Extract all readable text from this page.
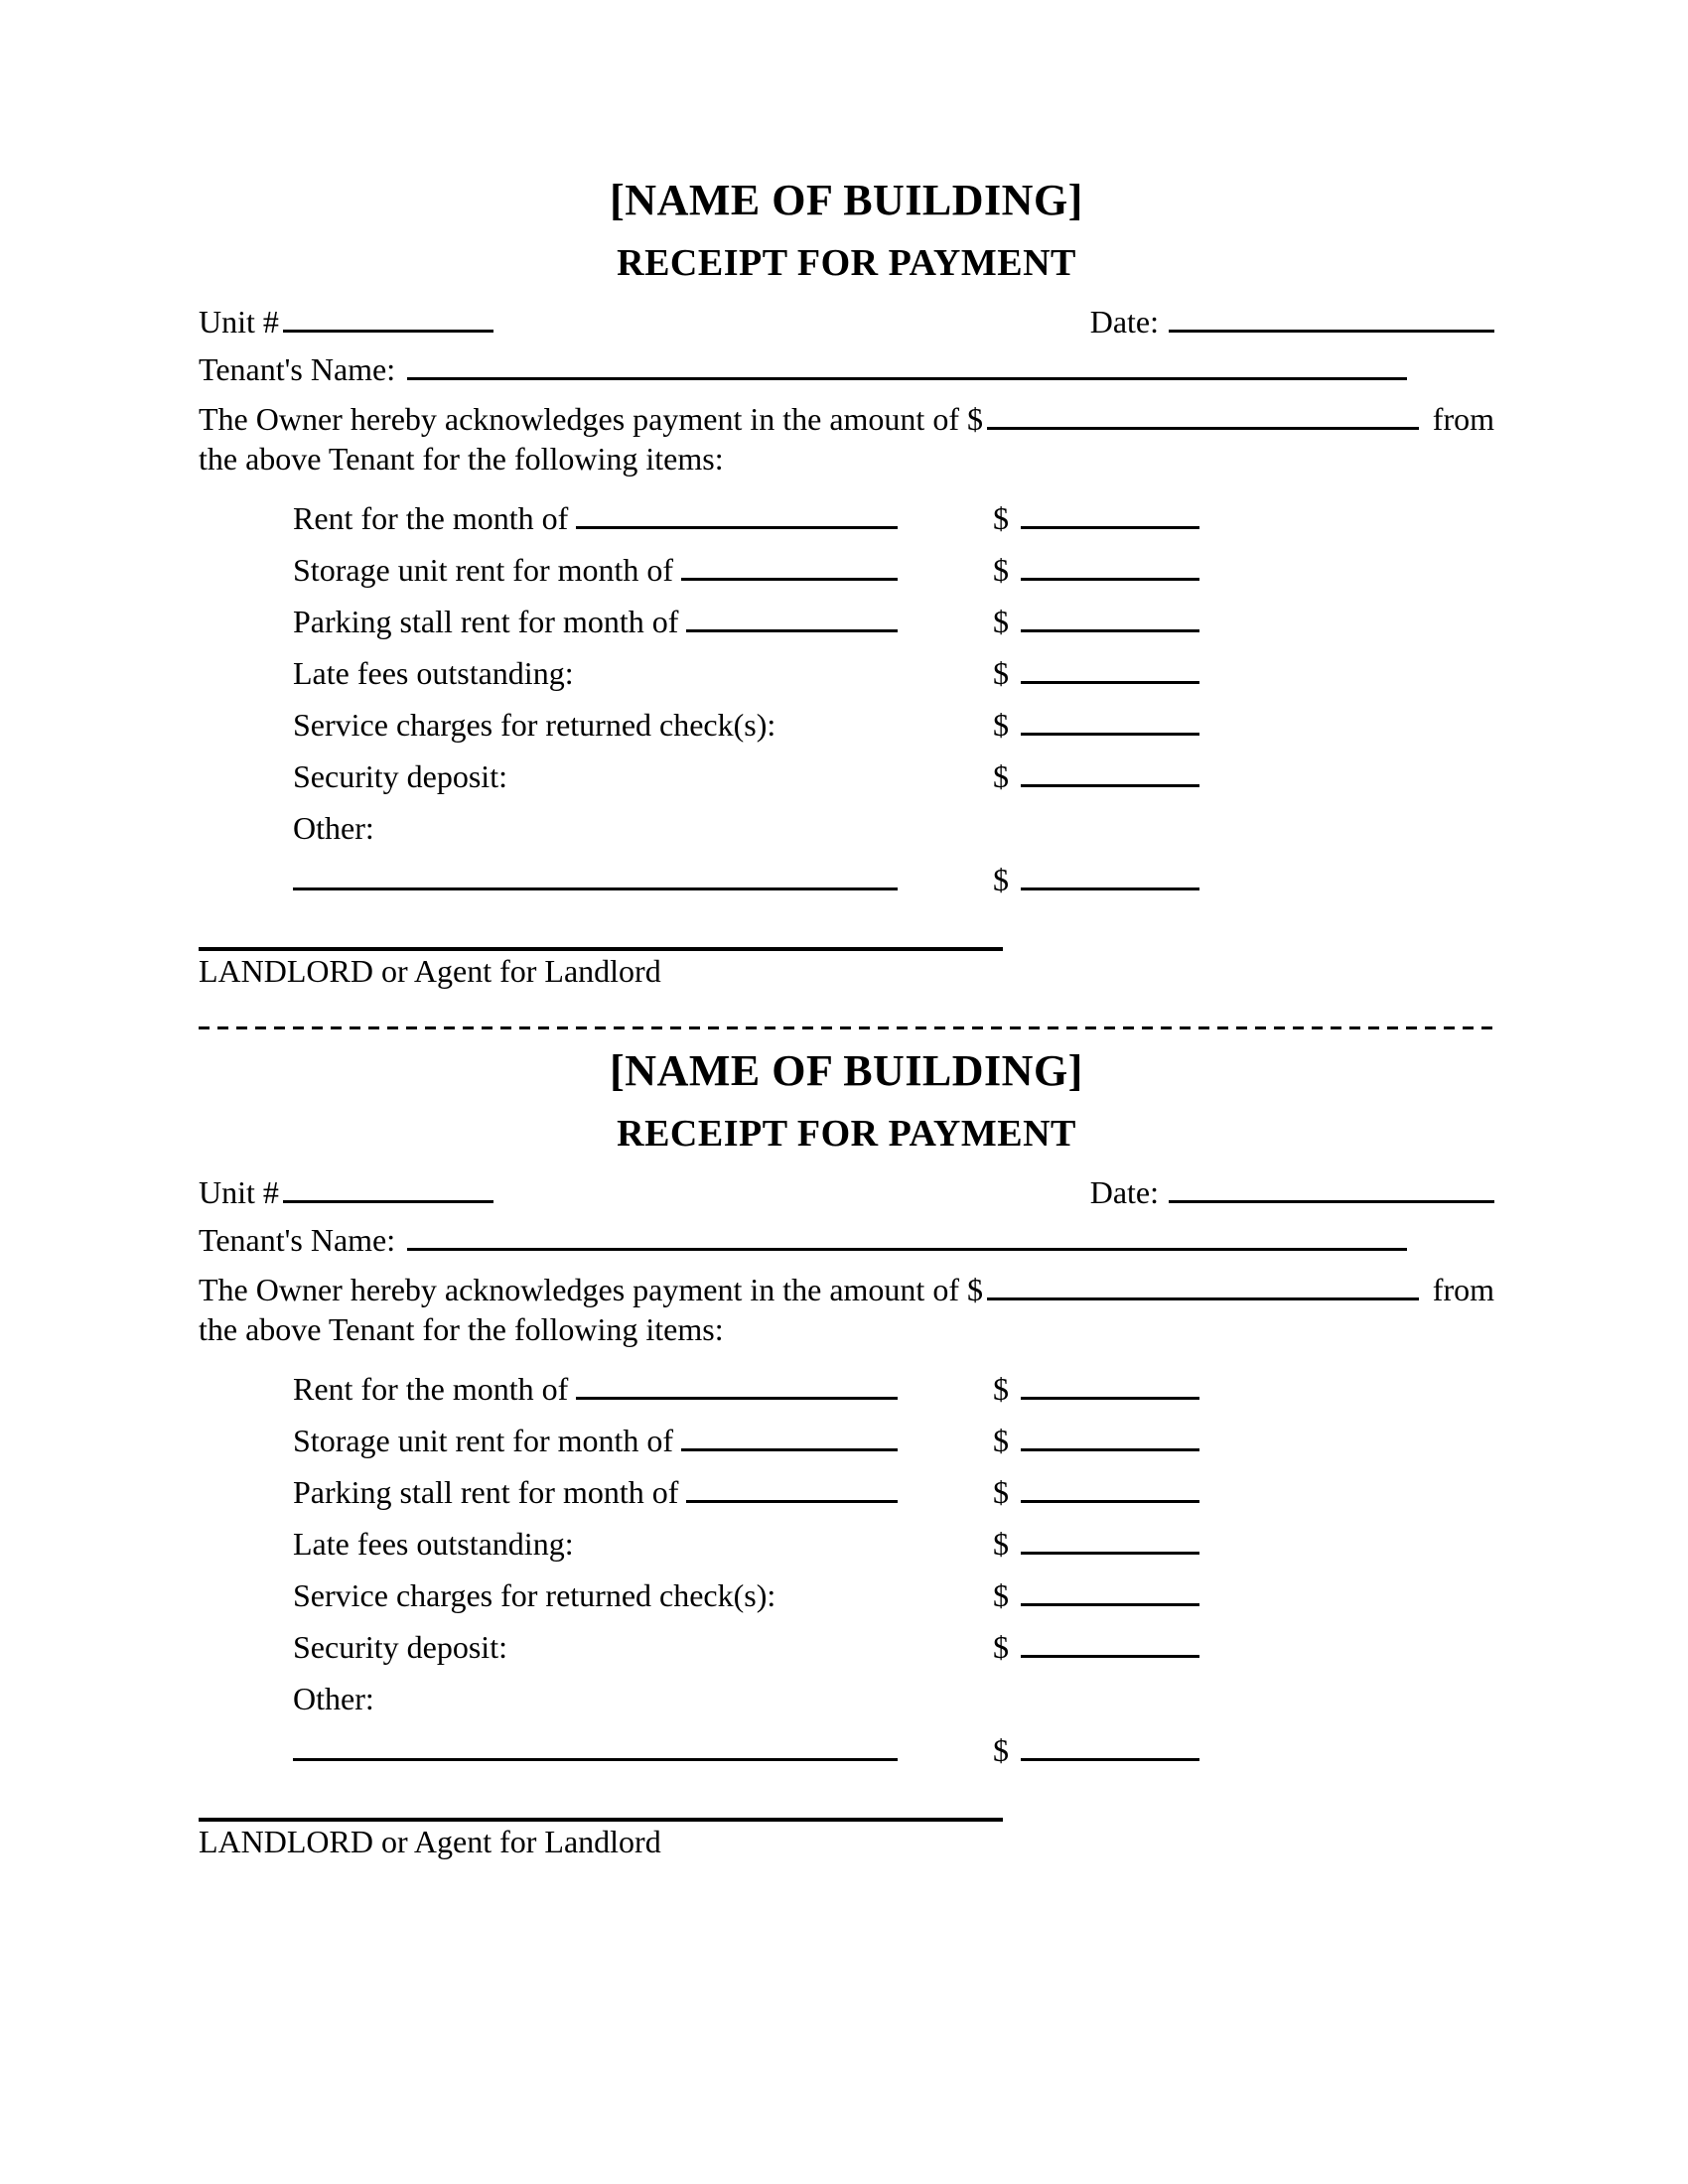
[NAME OF BUILDING]
RECEIPT FOR PAYMENT
Unit #	Date:
Tenant's Name:
The Owner hereby acknowledges payment in the amount of $	from
the above Tenant for the following items:
Rent for the month of	$
Storage unit rent for month of	$
Parking stall rent for month of	$
Late fees outstanding:	$
Service charges for returned check(s):	$
Security deposit:	$
Other:
$
LANDLORD or Agent for Landlord
[NAME OF BUILDING]
RECEIPT FOR PAYMENT
Unit #	Date:
Tenant's Name:
The Owner hereby acknowledges payment in the amount of $	from
the above Tenant for the following items:
Rent for the month of	$
Storage unit rent for month of	$
Parking stall rent for month of	$
Late fees outstanding:	$
Service charges for returned check(s):	$
Security deposit:	$
Other:
$
LANDLORD or Agent for Landlord
